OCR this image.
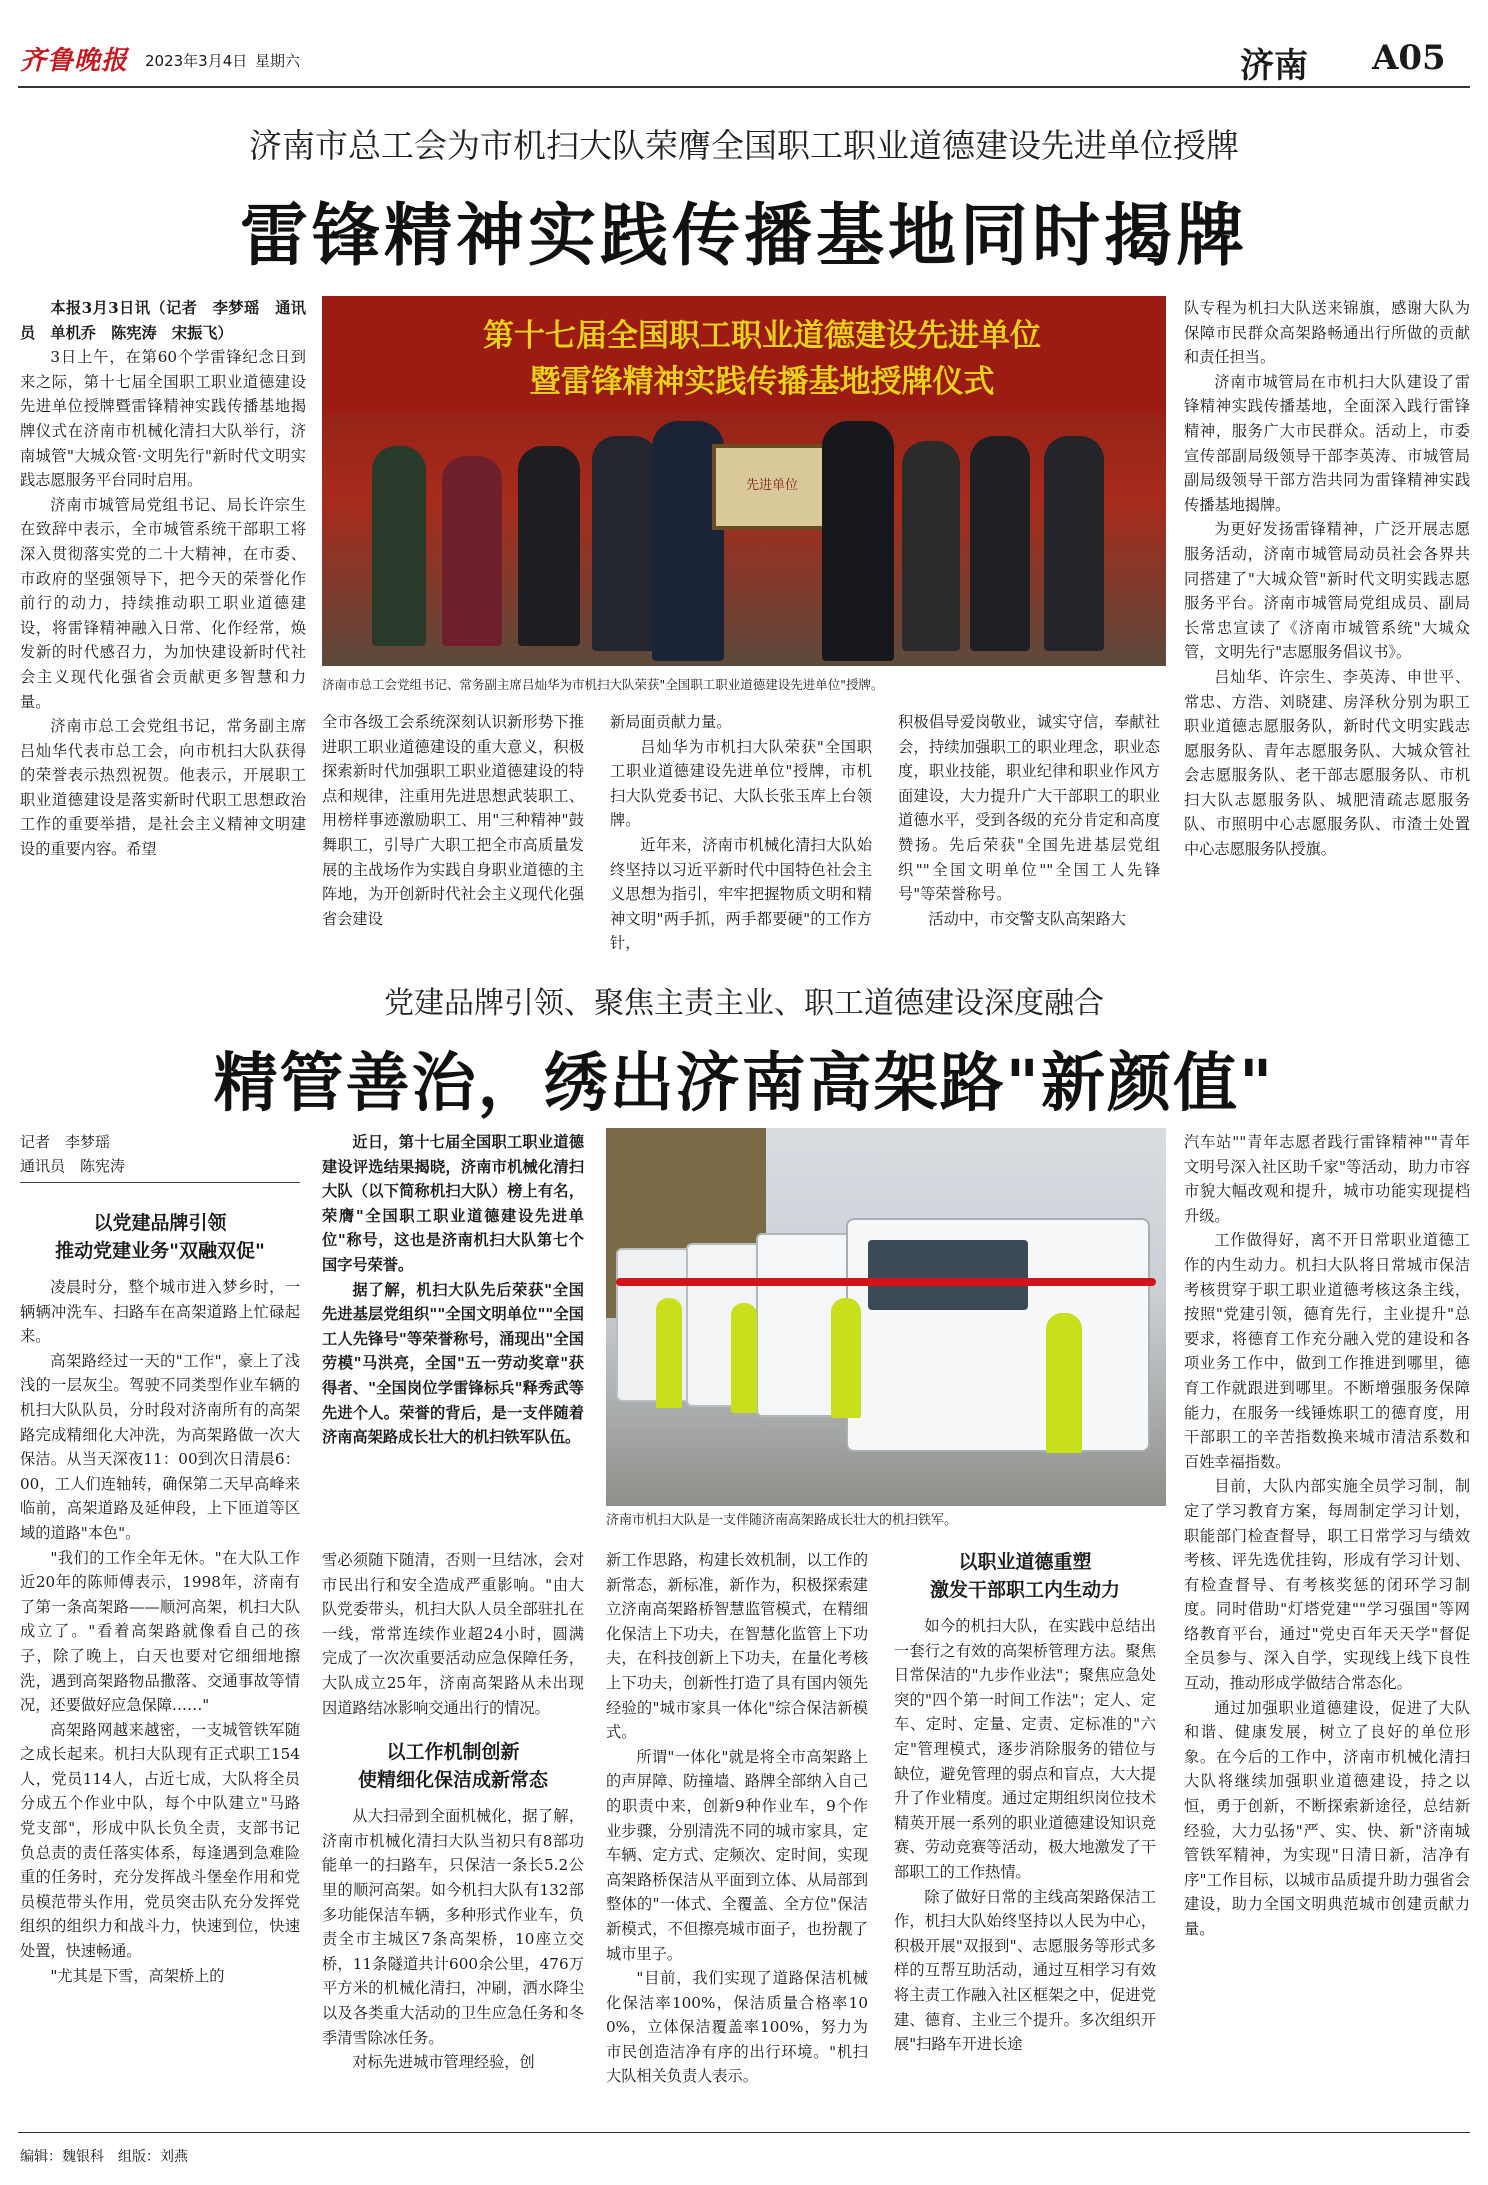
齐鲁晚报 2023年3月4日 星期六	济南 A05
济南市总工会为市机扫大队荣膺全国职工职业道德建设先进单位授牌
雷锋精神实践传播基地同时揭牌

本报3月3日讯（记者　李梦瑶　通讯员　单机乔　陈宪涛　宋振飞）

3日上午，在第60个学雷锋纪念日到来之际，第十七届全国职工职业道德建设先进单位授牌暨雷锋精神实践传播基地揭牌仪式在济南市机械化清扫大队举行，济南城管"大城众管·文明先行"新时代文明实践志愿服务平台同时启用。

济南市城管局党组书记、局长许宗生在致辞中表示，全市城管系统干部职工将深入贯彻落实党的二十大精神，在市委、市政府的坚强领导下，把今天的荣誉化作前行的动力，持续推动职工职业道德建设，将雷锋精神融入日常、化作经常，焕发新的时代感召力，为加快建设新时代社会主义现代化强省会贡献更多智慧和力量。

济南市总工会党组书记，常务副主席吕灿华代表市总工会，向市机扫大队获得的荣誉表示热烈祝贺。他表示，开展职工职业道德建设是落实新时代职工思想政治工作的重要举措，是社会主义精神文明建设的重要内容。希望

第十七届全国职工职业道德建设先进单位
暨雷锋精神实践传播基地授牌仪式
先进单位
济南市总工会党组书记、常务副主席吕灿华为市机扫大队荣获"全国职工职业道德建设先进单位"授牌。

全市各级工会系统深刻认识新形势下推进职工职业道德建设的重大意义，积极探索新时代加强职工职业道德建设的特点和规律，注重用先进思想武装职工、用榜样事迹激励职工、用"三种精神"鼓舞职工，引导广大职工把全市高质量发展的主战场作为实践自身职业道德的主阵地，为开创新时代社会主义现代化强省会建设

新局面贡献力量。

吕灿华为市机扫大队荣获"全国职工职业道德建设先进单位"授牌，市机扫大队党委书记、大队长张玉库上台领牌。

近年来，济南市机械化清扫大队始终坚持以习近平新时代中国特色社会主义思想为指引，牢牢把握物质文明和精神文明"两手抓，两手都要硬"的工作方针，

积极倡导爱岗敬业，诚实守信，奉献社会，持续加强职工的职业理念，职业态度，职业技能，职业纪律和职业作风方面建设，大力提升广大干部职工的职业道德水平，受到各级的充分肯定和高度赞扬。先后荣获"全国先进基层党组织""全国文明单位""全国工人先锋号"等荣誉称号。

活动中，市交警支队高架路大

队专程为机扫大队送来锦旗，感谢大队为保障市民群众高架路畅通出行所做的贡献和责任担当。

济南市城管局在市机扫大队建设了雷锋精神实践传播基地，全面深入践行雷锋精神，服务广大市民群众。活动上，市委宣传部副局级领导干部李英涛、市城管局副局级领导干部方浩共同为雷锋精神实践传播基地揭牌。

为更好发扬雷锋精神，广泛开展志愿服务活动，济南市城管局动员社会各界共同搭建了"大城众管"新时代文明实践志愿服务平台。济南市城管局党组成员、副局长常忠宣读了《济南市城管系统"大城众管，文明先行"志愿服务倡议书》。

吕灿华、许宗生、李英涛、申世平、常忠、方浩、刘晓建、房泽秋分别为职工职业道德志愿服务队，新时代文明实践志愿服务队、青年志愿服务队、大城众管社会志愿服务队、老干部志愿服务队、市机扫大队志愿服务队、城肥清疏志愿服务队、市照明中心志愿服务队、市渣土处置中心志愿服务队授旗。

党建品牌引领、聚焦主责主业、职工道德建设深度融合
精管善治，绣出济南高架路"新颜值"
记者　 李梦瑶
通讯员　 陈宪涛
以党建品牌引领
推动党建业务"双融双促"

凌晨时分，整个城市进入梦乡时，一辆辆冲洗车、扫路车在高架道路上忙碌起来。

高架路经过一天的"工作"，豪上了浅浅的一层灰尘。驾驶不同类型作业车辆的机扫大队队员，分时段对济南所有的高架路完成精细化大冲洗，为高架路做一次大保洁。从当天深夜11：00到次日清晨6：00，工人们连轴转，确保第二天早高峰来临前，高架道路及延伸段，上下匝道等区域的道路"本色"。

"我们的工作全年无休。"在大队工作近20年的陈师傅表示，1998年，济南有了第一条高架路——顺河高架，机扫大队成立了。"看着高架路就像看自己的孩子，除了晚上，白天也要对它细细地擦洗，遇到高架路物品撒落、交通事故等情况，还要做好应急保障……"

高架路网越来越密，一支城管铁军随之成长起来。机扫大队现有正式职工154人，党员114人，占近七成，大队将全员分成五个作业中队，每个中队建立"马路党支部"，形成中队长负全责，支部书记负总责的责任落实体系，每逢遇到急难险重的任务时，充分发挥战斗堡垒作用和党员模范带头作用，党员突击队充分发挥党组织的组织力和战斗力，快速到位，快速处置，快速畅通。

"尤其是下雪，高架桥上的

近日，第十七届全国职工职业道德建设评选结果揭晓，济南市机械化清扫大队（以下简称机扫大队）榜上有名，荣膺"全国职工职业道德建设先进单位"称号，这也是济南机扫大队第七个国字号荣誉。

据了解，机扫大队先后荣获"全国先进基层党组织""全国文明单位""全国工人先锋号"等荣誉称号，涌现出"全国劳模"马洪亮，全国"五一劳动奖章"获得者、"全国岗位学雷锋标兵"释秀武等先进个人。荣誉的背后，是一支伴随着济南高架路成长壮大的机扫铁军队伍。

济南市机扫大队是一支伴随济南高架路成长壮大的机扫铁军。

雪必须随下随清，否则一旦结冰，会对市民出行和安全造成严重影响。"由大队党委带头，机扫大队人员全部驻扎在一线，常常连续作业超24小时，圆满完成了一次次重要活动应急保障任务，大队成立25年，济南高架路从未出现因道路结冰影响交通出行的情况。

以工作机制创新
使精细化保洁成新常态

从大扫帚到全面机械化，据了解，济南市机械化清扫大队当初只有8部功能单一的扫路车，只保洁一条长5.2公里的顺河高架。如今机扫大队有132部多功能保洁车辆，多种形式作业车，负责全市主城区7条高架桥，10座立交桥，11条隧道共计600余公里，476万平方米的机械化清扫，冲刷，洒水降尘以及各类重大活动的卫生应急任务和冬季清雪除冰任务。

对标先进城市管理经验，创

新工作思路，构建长效机制，以工作的新常态，新标准，新作为，积极探索建立济南高架路桥智慧监管模式，在精细化保洁上下功夫，在智慧化监管上下功夫，在科技创新上下功夫，在量化考核上下功夫，创新性打造了具有国内领先经验的"城市家具一体化"综合保洁新模式。

所谓"一体化"就是将全市高架路上的声屏障、防撞墙、路牌全部纳入自己的职责中来，创新9种作业车，9个作业步骤，分别清洗不同的城市家具，定车辆、定方式、定频次、定时间，实现高架路桥保洁从平面到立体、从局部到整体的"一体式、全覆盖、全方位"保洁新模式，不但擦亮城市面子，也扮靓了城市里子。

"目前，我们实现了道路保洁机械化保洁率100%，保洁质量合格率100%，立体保洁覆盖率100%，努力为市民创造洁净有序的出行环境。"机扫大队相关负责人表示。

以职业道德重塑
激发干部职工内生动力

如今的机扫大队，在实践中总结出一套行之有效的高架桥管理方法。聚焦日常保洁的"九步作业法"；聚焦应急处突的"四个第一时间工作法"；定人、定车、定时、定量、定责、定标准的"六定"管理模式，逐步消除服务的错位与缺位，避免管理的弱点和盲点，大大提升了作业精度。通过定期组织岗位技术精英开展一系列的职业道德建设知识竞赛、劳动竞赛等活动，极大地激发了干部职工的工作热情。

除了做好日常的主线高架路保洁工作，机扫大队始终坚持以人民为中心，积极开展"双报到"、志愿服务等形式多样的互帮互助活动，通过互相学习有效将主责工作融入社区框架之中，促进党建、德育、主业三个提升。多次组织开展"扫路车开进长途

汽车站""青年志愿者践行雷锋精神""青年文明号深入社区助千家"等活动，助力市容市貌大幅改观和提升，城市功能实现提档升级。

工作做得好，离不开日常职业道德工作的内生动力。机扫大队将日常城市保洁考核贯穿于职工职业道德考核这条主线，按照"党建引领，德育先行，主业提升"总要求，将德育工作充分融入党的建设和各项业务工作中，做到工作推进到哪里，德育工作就跟进到哪里。不断增强服务保障能力，在服务一线锤炼职工的德育度，用干部职工的辛苦指数换来城市清洁系数和百姓幸福指数。

目前，大队内部实施全员学习制，制定了学习教育方案，每周制定学习计划，职能部门检查督导，职工日常学习与绩效考核、评先选优挂钩，形成有学习计划、有检查督导、有考核奖惩的闭环学习制度。同时借助"灯塔党建""学习强国"等网络教育平台，通过"党史百年天天学"督促全员参与、深入自学，实现线上线下良性互动，推动形成学做结合常态化。

通过加强职业道德建设，促进了大队和谐、健康发展，树立了良好的单位形象。在今后的工作中，济南市机械化清扫大队将继续加强职业道德建设，持之以恒，勇于创新，不断探索新途径，总结新经验，大力弘扬"严、实、快、新"济南城管铁军精神，为实现"日清日新，洁净有序"工作目标，以城市品质提升助力强省会建设，助力全国文明典范城市创建贡献力量。

编辑：魏银科　组版：刘燕
